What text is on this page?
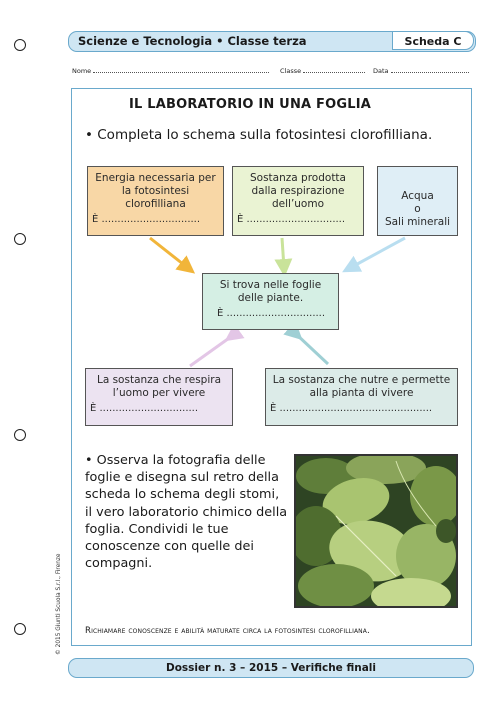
Scienze e Tecnologia • Classe terza	Scheda C
Nome	Classe	Data
IL LABORATORIO IN UNA FOGLIA
• Completa lo schema sulla fotosintesi clorofilliana.
Energia necessaria per la fotosintesi clorofilliana
È ...............................
Sostanza prodotta dalla respirazione dell’uomo
È ...............................

Acqua
o
Sali minerali

Si trova nelle foglie delle piante.
È ...............................
La sostanza che respira l’uomo per vivere
È ...............................
La sostanza che nutre e permette alla pianta di vivere
È ................................................
• Osserva la fotografia delle foglie e disegna sul retro della scheda lo schema degli stomi, il vero laboratorio chimico della foglia. Condividi le tue conoscenze con quelle dei compagni.
Richiamare conoscenze e abilità maturate circa la fotosintesi clorofilliana.
Dossier n. 3 – 2015 – Verifiche finali
© 2015 Giunti Scuola S.r.l., Firenze
